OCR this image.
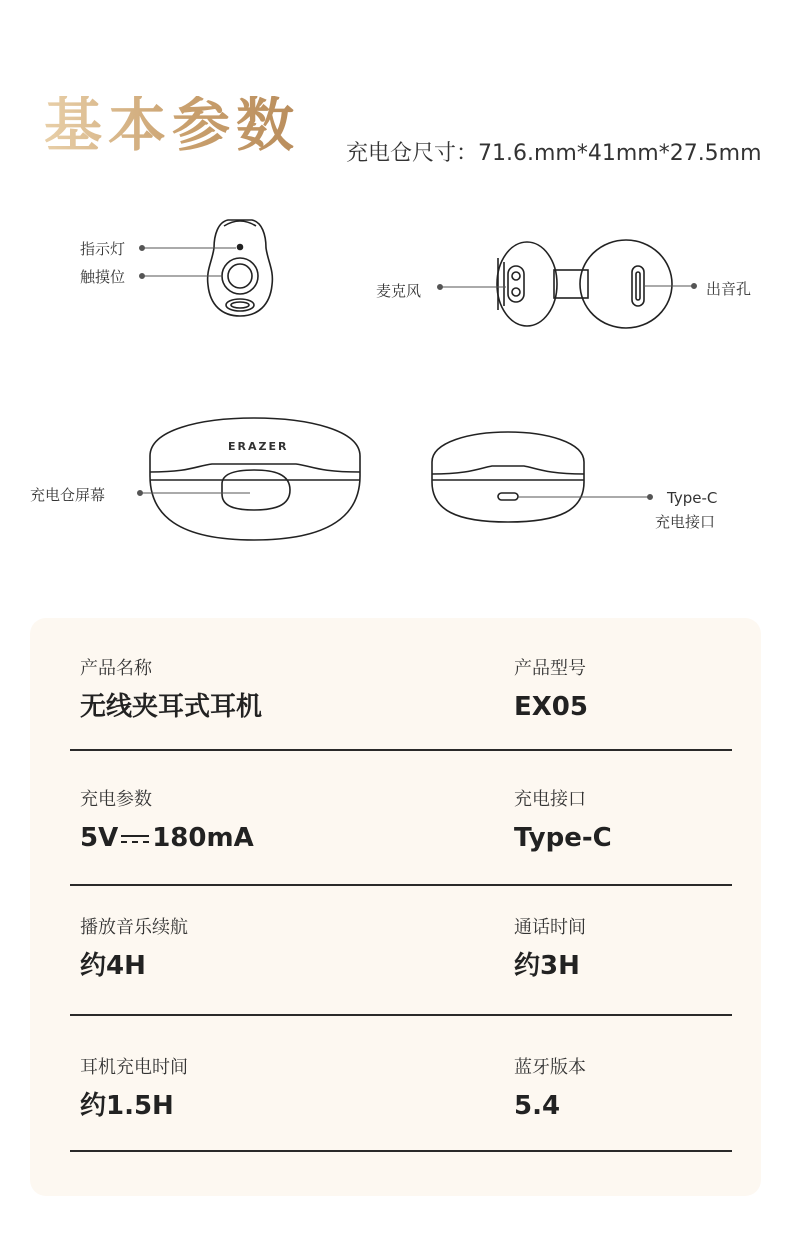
基本参数 充电仓尺寸：71.6.mm*41mm*27.5mm
指示灯
触摸位
麦克风	出音孔
充电仓屏幕
ERAZER
Type-C
充电接口
产品名称
无线夹耳式耳机
产品型号
EX05
充电参数
5V 180mA
充电接口
Type-C
播放音乐续航
约4H
通话时间
约3H
耳机充电时间
约1.5H
蓝牙版本
5.4
